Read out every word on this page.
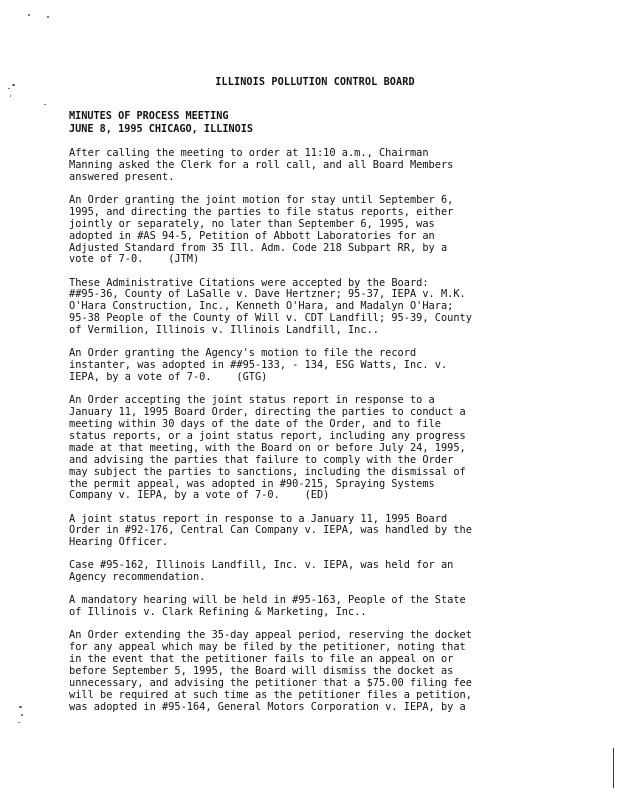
ILLINOIS POLLUTION CONTROL BOARD
MINUTES OF PROCESS MEETING
JUNE 8, 1995 CHICAGO, ILLINOIS
After calling the meeting to order at 11:10 a.m., Chairman
Manning asked the Clerk for a roll call, and all Board Members
answered present.
An Order granting the joint motion for stay until September 6,
1995, and directing the parties to file status reports, either
jointly or separately, no later than September 6, 1995, was
adopted in #AS 94-5, Petition of Abbott Laboratories for an
Adjusted Standard from 35 Ill. Adm. Code 218 Subpart RR, by a
vote of 7-0.    (JTM)
These Administrative Citations were accepted by the Board:
##95-36, County of LaSalle v. Dave Hertzner; 95-37, IEPA v. M.K.
O'Hara Construction, Inc., Kenneth O'Hara, and Madalyn O'Hara;
95-38 People of the County of Will v. CDT Landfill; 95-39, County
of Vermilion, Illinois v. Illinois Landfill, Inc..
An Order granting the Agency's motion to file the record
instanter, was adopted in ##95-133, - 134, ESG Watts, Inc. v.
IEPA, by a vote of 7-0.    (GTG)
An Order accepting the joint status report in response to a
January 11, 1995 Board Order, directing the parties to conduct a
meeting within 30 days of the date of the Order, and to file
status reports, or a joint status report, including any progress
made at that meeting, with the Board on or before July 24, 1995,
and advising the parties that failure to comply with the Order
may subject the parties to sanctions, including the dismissal of
the permit appeal, was adopted in #90-215, Spraying Systems
Company v. IEPA, by a vote of 7-0.    (ED)
A joint status report in response to a January 11, 1995 Board
Order in #92-176, Central Can Company v. IEPA, was handled by the
Hearing Officer.
Case #95-162, Illinois Landfill, Inc. v. IEPA, was held for an
Agency recommendation.
A mandatory hearing will be held in #95-163, People of the State
of Illinois v. Clark Refining & Marketing, Inc..
An Order extending the 35-day appeal period, reserving the docket
for any appeal which may be filed by the petitioner, noting that
in the event that the petitioner fails to file an appeal on or
before September 5, 1995, the Board will dismiss the docket as
unnecessary, and advising the petitioner that a $75.00 filing fee
will be required at such time as the petitioner files a petition,
was adopted in #95-164, General Motors Corporation v. IEPA, by a
